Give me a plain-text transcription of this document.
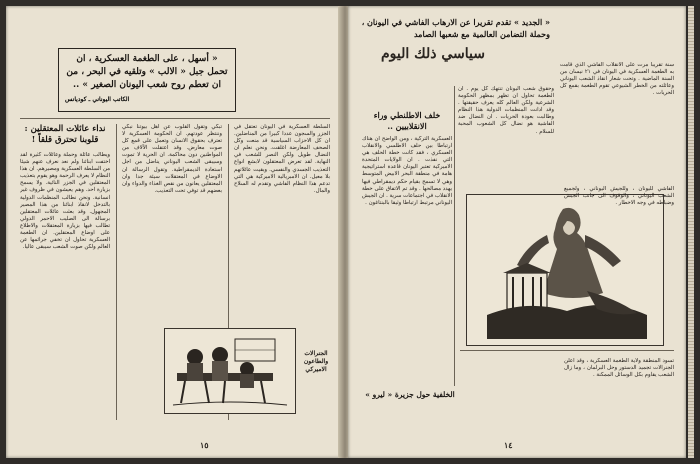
« أسهل ، على الطغمة العسكرية ، ان تحمل جبل « الالب » وتلقيه في البحر ، من ان تعطم روح شعب اليونان الصغير » ..
الكاتب اليوناني ـ كوديانس
نداء عائلات المعتقلين : قلوبنا تحترق قلقاً !
ويطالب عائلة وحملة وعائلات كثيرة لقد اختفت ابنائنا ولم نعد نعرف عنهم شيئا من السلطة العسكرية ومصيرهم. ان هذا النظام لا يعرف الرحمة وهو يقوم بتعذيب المعتقلين في الجزر النائية. ولا يسمح بزيارة احد. وهم يعيشون في ظروف غير انسانية. ونحن نطالب المنظمات الدولية بالتدخل لانقاذ ابنائنا من هذا المصير المجهول. وقد بعثت عائلات المعتقلين برسالة الى الصليب الاحمر الدولي تطالب فيها بزيارة المعتقلات والاطلاع على اوضاع المعتقلين. ان الطغمة العسكرية تحاول ان تخفي جرائمها عن العالم ولكن صوت الشعب سيبقى عاليا.
تبكي وتقول القلوب عن اهل بيوتنا نبكي وننتظر عودتهم. ان الحكومة العسكرية لا تعترف بحقوق الانسان وتعمل على قمع كل صوت معارض. وقد اعتقلت الآلاف من المواطنين دون محاكمة. ان الحرية لا تموت وسيبقى الشعب اليوناني يناضل من اجل استعادة الديمقراطية. وتقول الرسالة ان الاوضاع في المعتقلات سيئة جدا وان المعتقلين يعانون من نقص الغذاء والدواء وان بعضهم قد توفي تحت التعذيب.
السلطة العسكرية في اليونان تعتقل في الجزر والسجون عددا كبيرا من المناضلين. ان كل الاحزاب السياسية قد منعت وكل الصحف المعارضة اغلقت. ونحن نعلم ان النضال طويل ولكن النصر للشعب في النهاية. لقد تعرض المعتقلون لابشع انواع التعذيب الجسدي والنفسي. وبقيت عائلاتهم بلا معيل. ان الامبريالية الاميركية هي التي تدعم هذا النظام الفاشي وتقدم له السلاح والمال.
الجنرالات والطاعون الاميركي
١٥
« الجديد » تقدم تقريرا عن الارهاب الفاشي في اليونان ، وحملة التضامن العالمية مع شعبها الصامد
سنة تقريبا مرت على الانقلاب الفاشي الذي قامت به الطغمة العسكرية في اليونان في ٢١ نيسان من السنة الماضية . وتحت شعار انقاذ الشعب اليوناني وعائلته من الخطر الشيوعي تقوم الطغمة بقمع كل الحريات .
سياسي ذلك اليوم
خلف الاطلنطي وراء الانقلابيين ..
وحقوق شعب اليونان تنتهك كل يوم . ان الطغمة تحاول ان تظهر بمظهر الحكومة الشرعية ولكن العالم كله يعرف حقيقتها . وقد ادانت المنظمات الدولية هذا النظام وطالبت بعودة الحريات . ان النضال ضد الفاشية هو نضال كل الشعوب المحبة للسلام .
العسكرية التركية ، ومن الواضح ان هناك ارتباطا بين حلف الاطلسي والانقلاب العسكري ، فقد كانت خطة الحلف هي التي نفذت . ان الولايات المتحدة الاميركية تعتبر اليونان قاعدة استراتيجية هامة في منطقة البحر الابيض المتوسط وهي لا تسمح بقيام حكم ديمقراطي فيها يهدد مصالحها . وقد تم الاتفاق على خطة الانقلاب في اجتماعات سرية . ان الجيش اليوناني مرتبط ارتباطا وثيقا بالبنتاغون .
الفاشي لليونان ، وللجيش اليوناني ، ولجميع الشعب اليوناني ، والوقوف الى جانب الجيش وضباطه في وجه الاخطار .
تسود المنطقة ولاية الطغمة العسكرية ، وقد اعلن الجنرالات تجميد الدستور وحل البرلمان ، وما زال الشعب يقاوم بكل الوسائل الممكنة .
الخلفية حول جزيرة « ليرو »
١٤
